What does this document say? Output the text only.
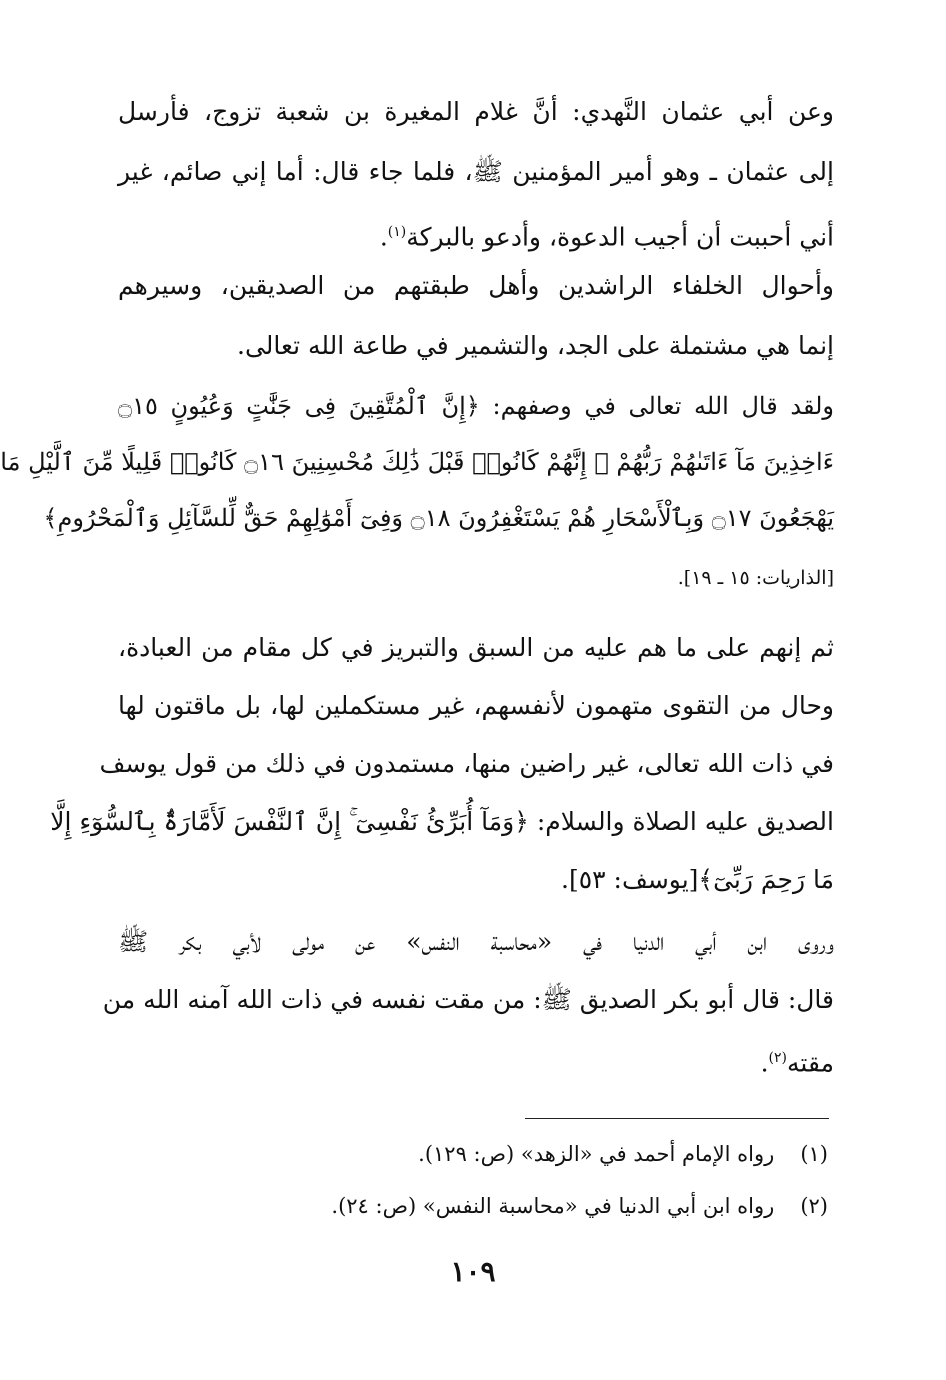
وعن أبي عثمان النَّهدي: أنَّ غلام المغيرة بن شعبة تزوج، فأرسل
إلى عثمان ـ وهو أمير المؤمنين ﷺ، فلما جاء قال: أما إني صائم، غير
أني أحببت أن أجيب الدعوة، وأدعو بالبركة$^{(١)}$.
وأحوال الخلفاء الراشدين وأهل طبقتهم من الصديقين، وسيرهم
إنما هي مشتملة على الجد، والتشمير في طاعة الله تعالى.
ولقد قال الله تعالى في وصفهم: ﴿إِنَّ ٱلْمُتَّقِينَ فِى جَنَّٰتٍ وَعُيُونٍ ۝١٥
ءَاخِذِينَ مَآ ءَاتَىٰهُمْ رَبُّهُمْ ۚ إِنَّهُمْ كَانُوا۟ قَبْلَ ذَٰلِكَ مُحْسِنِينَ ۝١٦ كَانُوا۟ قَلِيلًا مِّنَ ٱلَّيْلِ مَا
يَهْجَعُونَ ۝١٧ وَبِٱلْأَسْحَارِ هُمْ يَسْتَغْفِرُونَ ۝١٨ وَفِىٓ أَمْوَٰلِهِمْ حَقٌّ لِّلسَّآئِلِ وَٱلْمَحْرُومِ﴾
[الذاريات: ١٥ ـ ١٩].
ثم إنهم على ما هم عليه من السبق والتبريز في كل مقام من العبادة،
وحال من التقوى متهمون لأنفسهم، غير مستكملين لها، بل ماقتون لها
في ذات الله تعالى، غير راضين منها، مستمدون في ذلك من قول يوسف
الصديق عليه الصلاة والسلام: ﴿وَمَآ أُبَرِّئُ نَفْسِىٓ ۚ إِنَّ ٱلنَّفْسَ لَأَمَّارَةٌۢ بِٱلسُّوٓءِ إِلَّا
مَا رَحِمَ رَبِّىٓ﴾[يوسف: ٥٣].
وروى ابن أبي الدنيا في «محاسبة النفس» عن مولى لأبي بكر ﷺ
قال: قال أبو بكر الصديق ﷺ: من مقت نفسه في ذات الله آمنه الله من
مقته$^{(٢)}$.
(١)رواه الإمام أحمد في «الزهد» (ص: ١٢٩).
(٢)رواه ابن أبي الدنيا في «محاسبة النفس» (ص: ٢٤).
١٠٩
